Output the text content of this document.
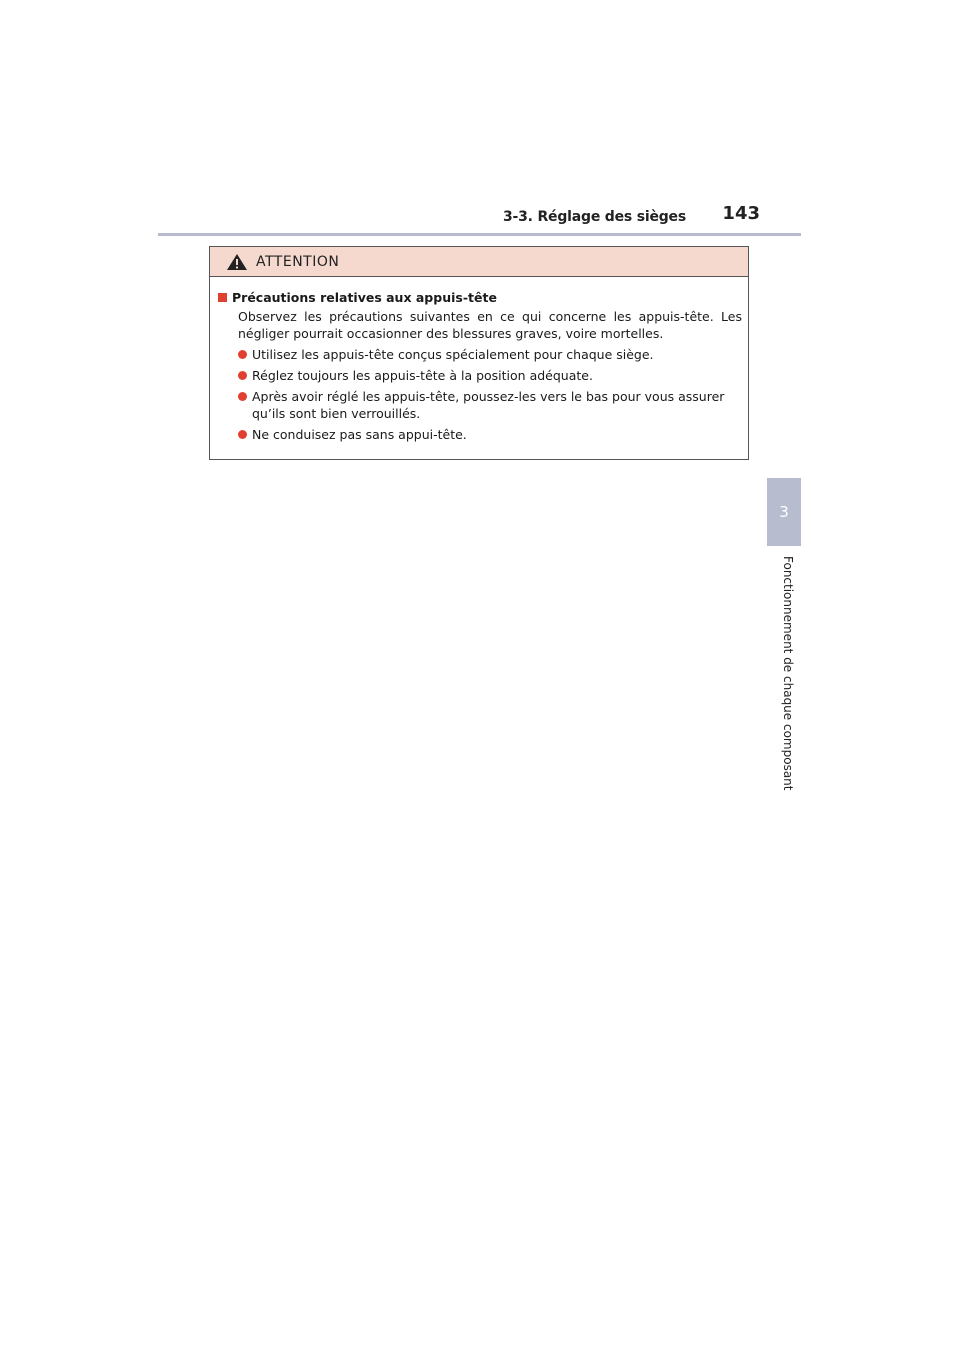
3-3. Réglage des sièges 143
3
Fonctionnement de chaque composant
ATTENTION
Précautions relatives aux appuis-tête

Observez les précautions suivantes en ce qui concerne les appuis-tête. Les négliger pourrait occasionner des blessures graves, voire mortelles.

Utilisez les appuis-tête conçus spécialement pour chaque siège.
Réglez toujours les appuis-tête à la position adéquate.
Après avoir réglé les appuis-tête, poussez-les vers le bas pour vous assurer qu’ils sont bien verrouillés.
Ne conduisez pas sans appui-tête.
